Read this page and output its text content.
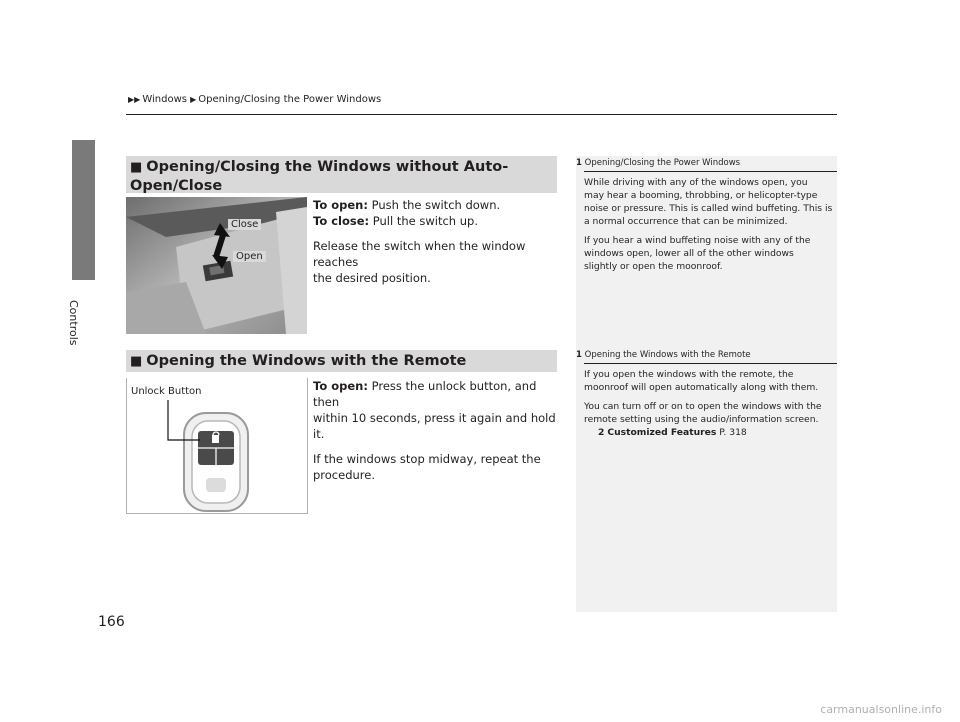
Controls
▶▶ Windows ▶ Opening/Closing the Power Windows
■ Opening/Closing the Windows without Auto-Open/Close

Close
Open
To open: Push the switch down.
To close: Pull the switch up.
Release the switch when the window reaches
the desired position.
■ Opening the Windows with the Remote
Unlock Button	To open: Press the unlock button, and then
within 10 seconds, press it again and hold it.
If the windows stop midway, repeat the
procedure.
1 Opening/Closing the Power Windows
While driving with any of the windows open, you
may hear a booming, throbbing, or helicopter-type
noise or pressure. This is called wind buffeting. This is
a normal occurrence that can be minimized.
If you hear a wind buffeting noise with any of the
windows open, lower all of the other windows
slightly or open the moonroof.
1 Opening the Windows with the Remote
If you open the windows with the remote, the
moonroof will open automatically along with them.
You can turn off or on to open the windows with the
remote setting using the audio/information screen.
2 Customized Features P. 318
166
carmanualsonline.info
